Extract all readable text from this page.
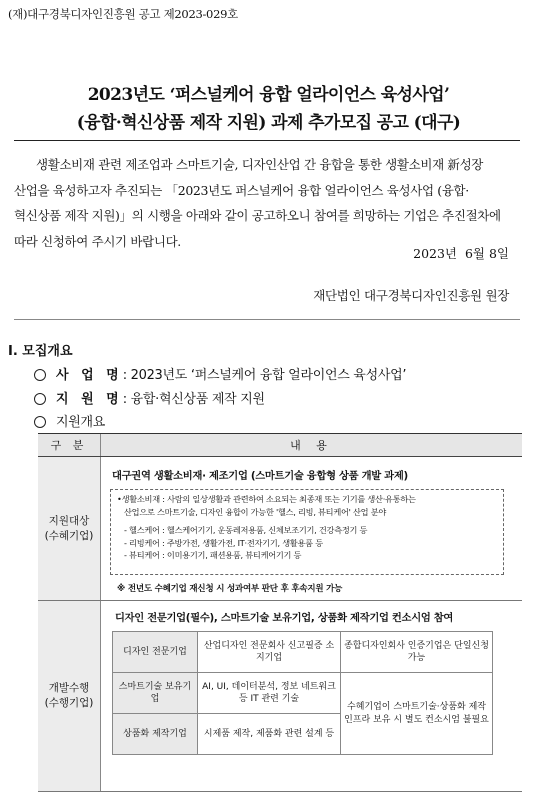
(재)대구경북디자인진흥원 공고 제2023-029호
2023년도 ‘퍼스널케어 융합 얼라이언스 육성사업’
(융합·혁신상품 제작 지원) 과제 추가모집 공고 (대구)
생활소비재 관련 제조업과 스마트기술, 디자인산업 간 융합을 통한 생활소비재 新성장 산업을 육성하고자 추진되는 「2023년도 퍼스널케어 융합 얼라이언스 육성사업 (융합·혁신상품 제작 지원)」의 시행을 아래와 같이 공고하오니 참여를 희망하는 기업은 추진절차에 따라 신청하여 주시기 바랍니다.
2023년  6월 8일
재단법인 대구경북디자인진흥원 원장
Ⅰ. 모집개요
사 업 명: 2023년도 ‘퍼스널케어 융합 얼라이언스 육성사업’
지 원 명: 융합·혁신상품 제작 지원
지원개요
구 분	내 용
지원대상
(수혜기업)
대구권역 생활소비재· 제조기업 (스마트기술 융합형 상품 개발 과제)
•생활소비재 : 사람의 일상생활과 관련하여 소요되는 최종재 또는 기기를 생산·유통하는
산업으로 스마트기술, 디자인 융합이 가능한 '헬스, 리빙, 뷰티케어' 산업 분야
- 헬스케어 : 헬스케어기기, 운동레저용품, 신체보조기기, 건강측정기 등
- 리빙케어 : 주방가전, 생활가전, IT·전자기기, 생활용품 등
- 뷰티케어 : 이미용기기, 패션용품, 뷰티케어기기 등
※ 전년도 수혜기업 재신청 시 성과여부 판단 후 후속지원 가능
개발수행
(수행기업)
디자인 전문기업(필수), 스마트기술 보유기업, 상품화 제작기업 컨소시엄 참여
디자인 전문기업	산업디자인 전문회사 신고필증 소지기업	종합디자인회사 인증기업은 단일신청 가능
스마트기술 보유기업	AI, UI, 데이터분석, 정보 네트워크 등 IT 관련 기술	수혜기업이 스마트기술·상품화 제작 인프라 보유 시 별도 컨소시엄 불필요
상품화 제작기업	시제품 제작, 제품화 관련 설계 등	
